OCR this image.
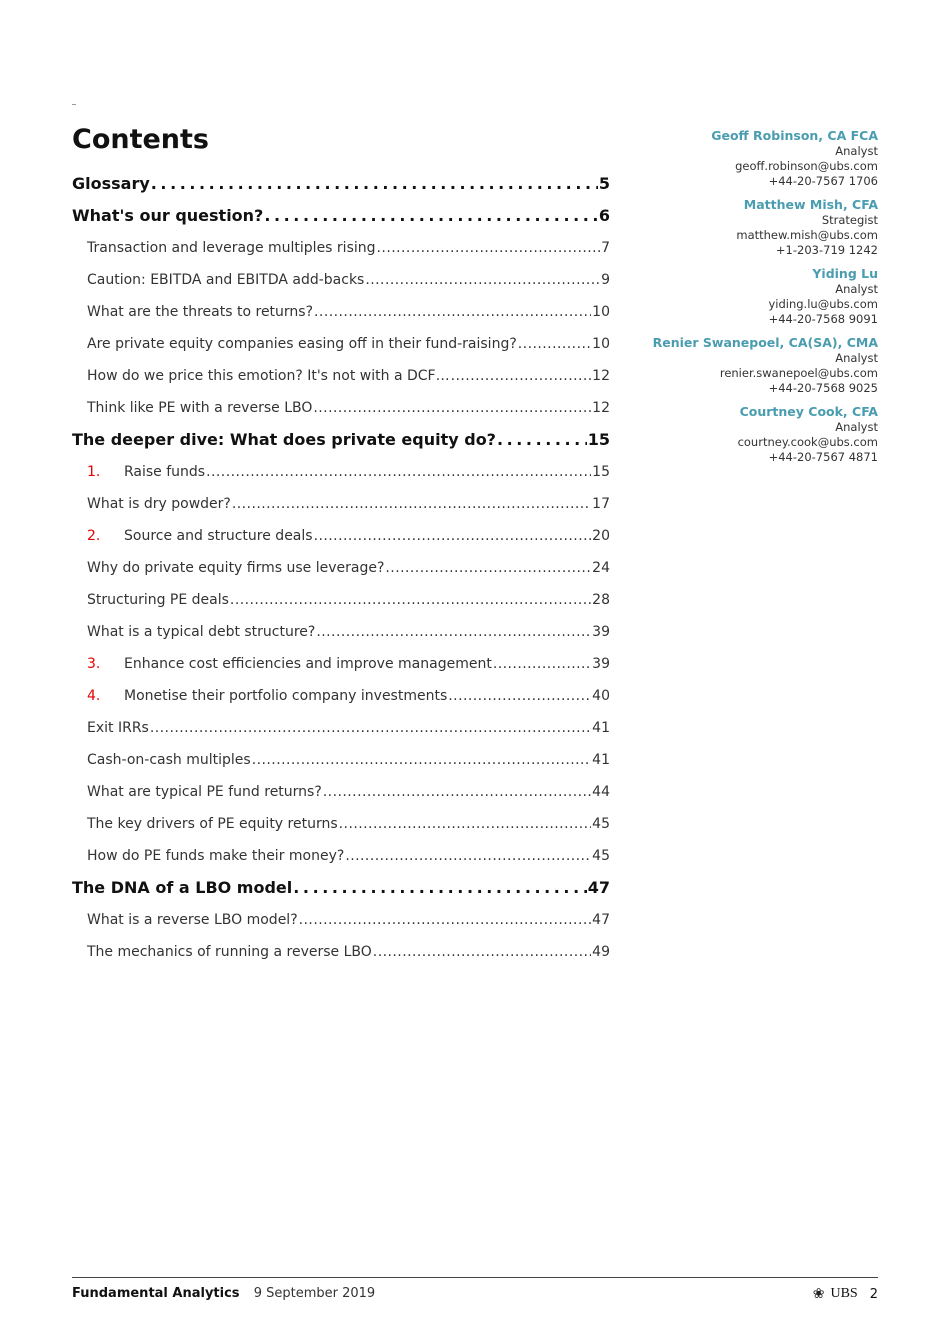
Contents
Glossary . . .	5
What's our question? . . .	6
Transaction and leverage multiples rising . . .	7
Caution: EBITDA and EBITDA add-backs . . .	9
What are the threats to returns? . . .	10
Are private equity companies easing off in their fund-raising? . . .	10
How do we price this emotion? It's not with a DCF… . . .	12
Think like PE with a reverse LBO . . .	12
The deeper dive: What does private equity do? . . .	15
1.	Raise funds . . .	15
What is dry powder? . . .	17
2.	Source and structure deals . . .	20
Why do private equity firms use leverage? . . .	24
Structuring PE deals . . .	28
What is a typical debt structure? . . .	39
3.	Enhance cost efficiencies and improve management . . .	39
4.	Monetise their portfolio company investments . . .	40
Exit IRRs . . .	41
Cash-on-cash multiples . . .	41
What are typical PE fund returns? . . .	44
The key drivers of PE equity returns . . .	45
How do PE funds make their money? . . .	45
The DNA of a LBO model . . .	47
What is a reverse LBO model? . . .	47
The mechanics of running a reverse LBO . . .	49
Geoff Robinson, CA FCA
Analyst
geoff.robinson@ubs.com
+44-20-7567 1706
Matthew Mish, CFA
Strategist
matthew.mish@ubs.com
+1-203-719 1242
Yiding Lu
Analyst
yiding.lu@ubs.com
+44-20-7568 9091
Renier Swanepoel, CA(SA), CMA
Analyst
renier.swanepoel@ubs.com
+44-20-7568 9025
Courtney Cook, CFA
Analyst
courtney.cook@ubs.com
+44-20-7567 4871
Fundamental Analytics 9 September 2019	❀ UBS 2
